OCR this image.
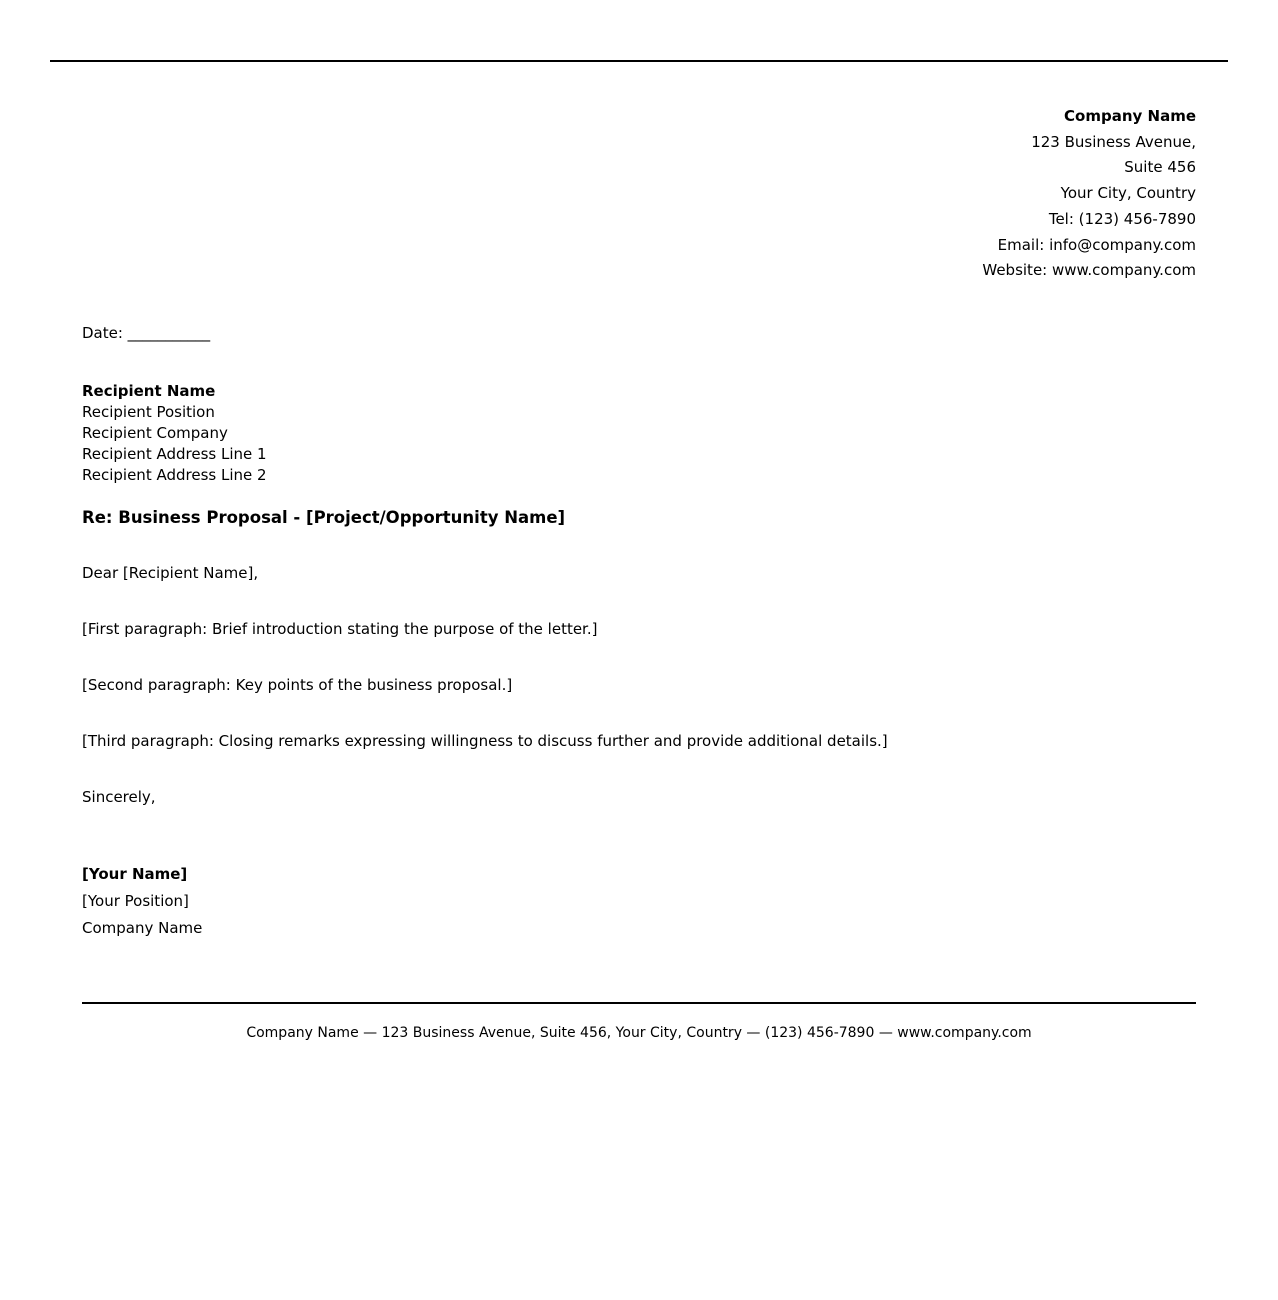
Company Name
123 Business Avenue,
Suite 456
Your City, Country
Tel: (123) 456-7890
Email: info@company.com
Website: www.company.com
Date: ___________
Recipient Name
Recipient Position
Recipient Company
Recipient Address Line 1
Recipient Address Line 2
Re: Business Proposal - [Project/Opportunity Name]
Dear [Recipient Name],
[First paragraph: Brief introduction stating the purpose of the letter.]
[Second paragraph: Key points of the business proposal.]
[Third paragraph: Closing remarks expressing willingness to discuss further and provide additional details.]
Sincerely,
[Your Name]
[Your Position]
Company Name
Company Name — 123 Business Avenue, Suite 456, Your City, Country — (123) 456-7890 — www.company.com
